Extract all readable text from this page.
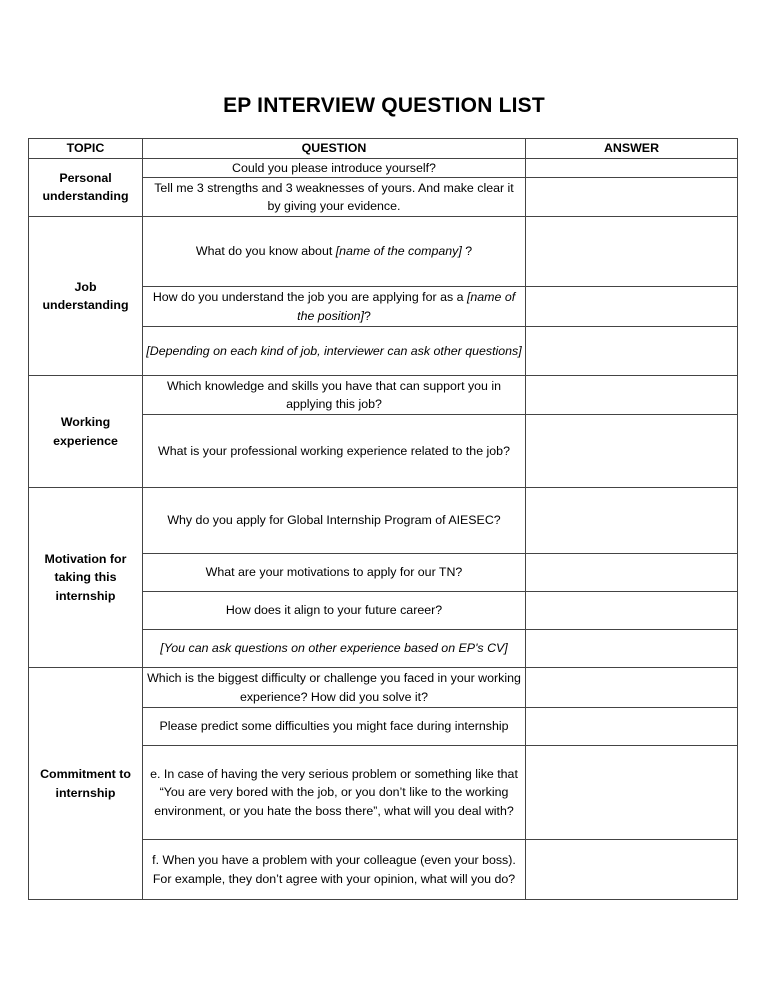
EP INTERVIEW QUESTION LIST
TOPIC	QUESTION	ANSWER
Personal understanding	Could you please introduce yourself?	
	Tell me 3 strengths and 3 weaknesses of yours. And make clear it by giving your evidence.	
Job understanding	What do you know about [name of the company] ?	
	How do you understand the job you are applying for as a [name of the position]?	
	[Depending on each kind of job, interviewer can ask other questions]	
Working experience	Which knowledge and skills you have that can support you in applying this job?	
	What is your professional working experience related to the job?	
Motivation for taking this internship	Why do you apply for Global Internship Program of AIESEC?	
	What are your motivations to apply for our TN?	
	How does it align to your future career?	
	[You can ask questions on other experience based on EP's CV]	
Commitment to internship	Which is the biggest difficulty or challenge you faced in your working experience? How did you solve it?	
	Please predict some difficulties you might face during internship	
	e. In case of having the very serious problem or something like that “You are very bored with the job, or you don’t like to the working environment, or you hate the boss there”, what will you deal with?	
	f. When you have a problem with your colleague (even your boss). For example, they don’t agree with your opinion, what will you do?	
